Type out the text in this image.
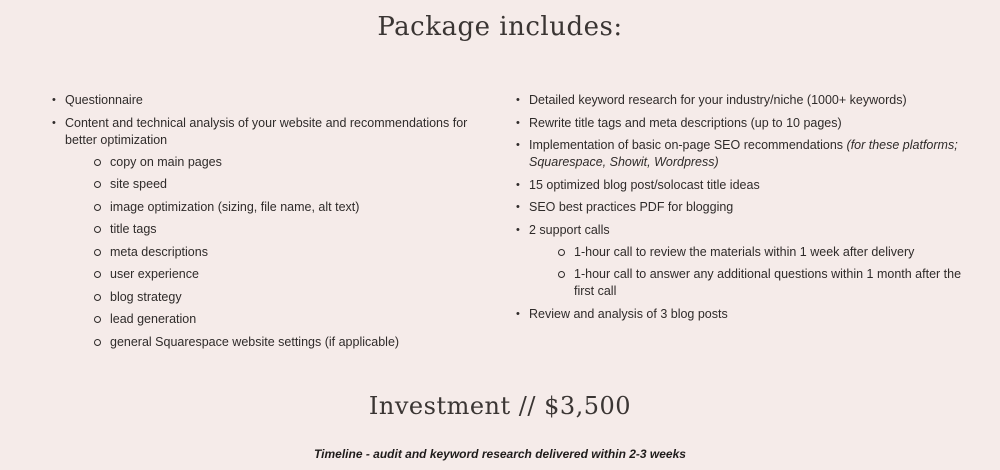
Package includes:
• Questionnaire
• Content and technical analysis of your website and recommendations for better optimization
copy on main pages
site speed
image optimization (sizing, file name, alt text)
title tags
meta descriptions
user experience
blog strategy
lead generation
general Squarespace website settings (if applicable)
• Detailed keyword research for your industry/niche (1000+ keywords)
• Rewrite title tags and meta descriptions (up to 10 pages)
• Implementation of basic on-page SEO recommendations (for these platforms; Squarespace, Showit, Wordpress)
• 15 optimized blog post/solocast title ideas
• SEO best practices PDF for blogging
• 2 support calls
1-hour call to review the materials within 1 week after delivery
1-hour call to answer any additional questions within 1 month after the first call
• Review and analysis of 3 blog posts
Investment // $3,500
Timeline - audit and keyword research delivered within 2-3 weeks
